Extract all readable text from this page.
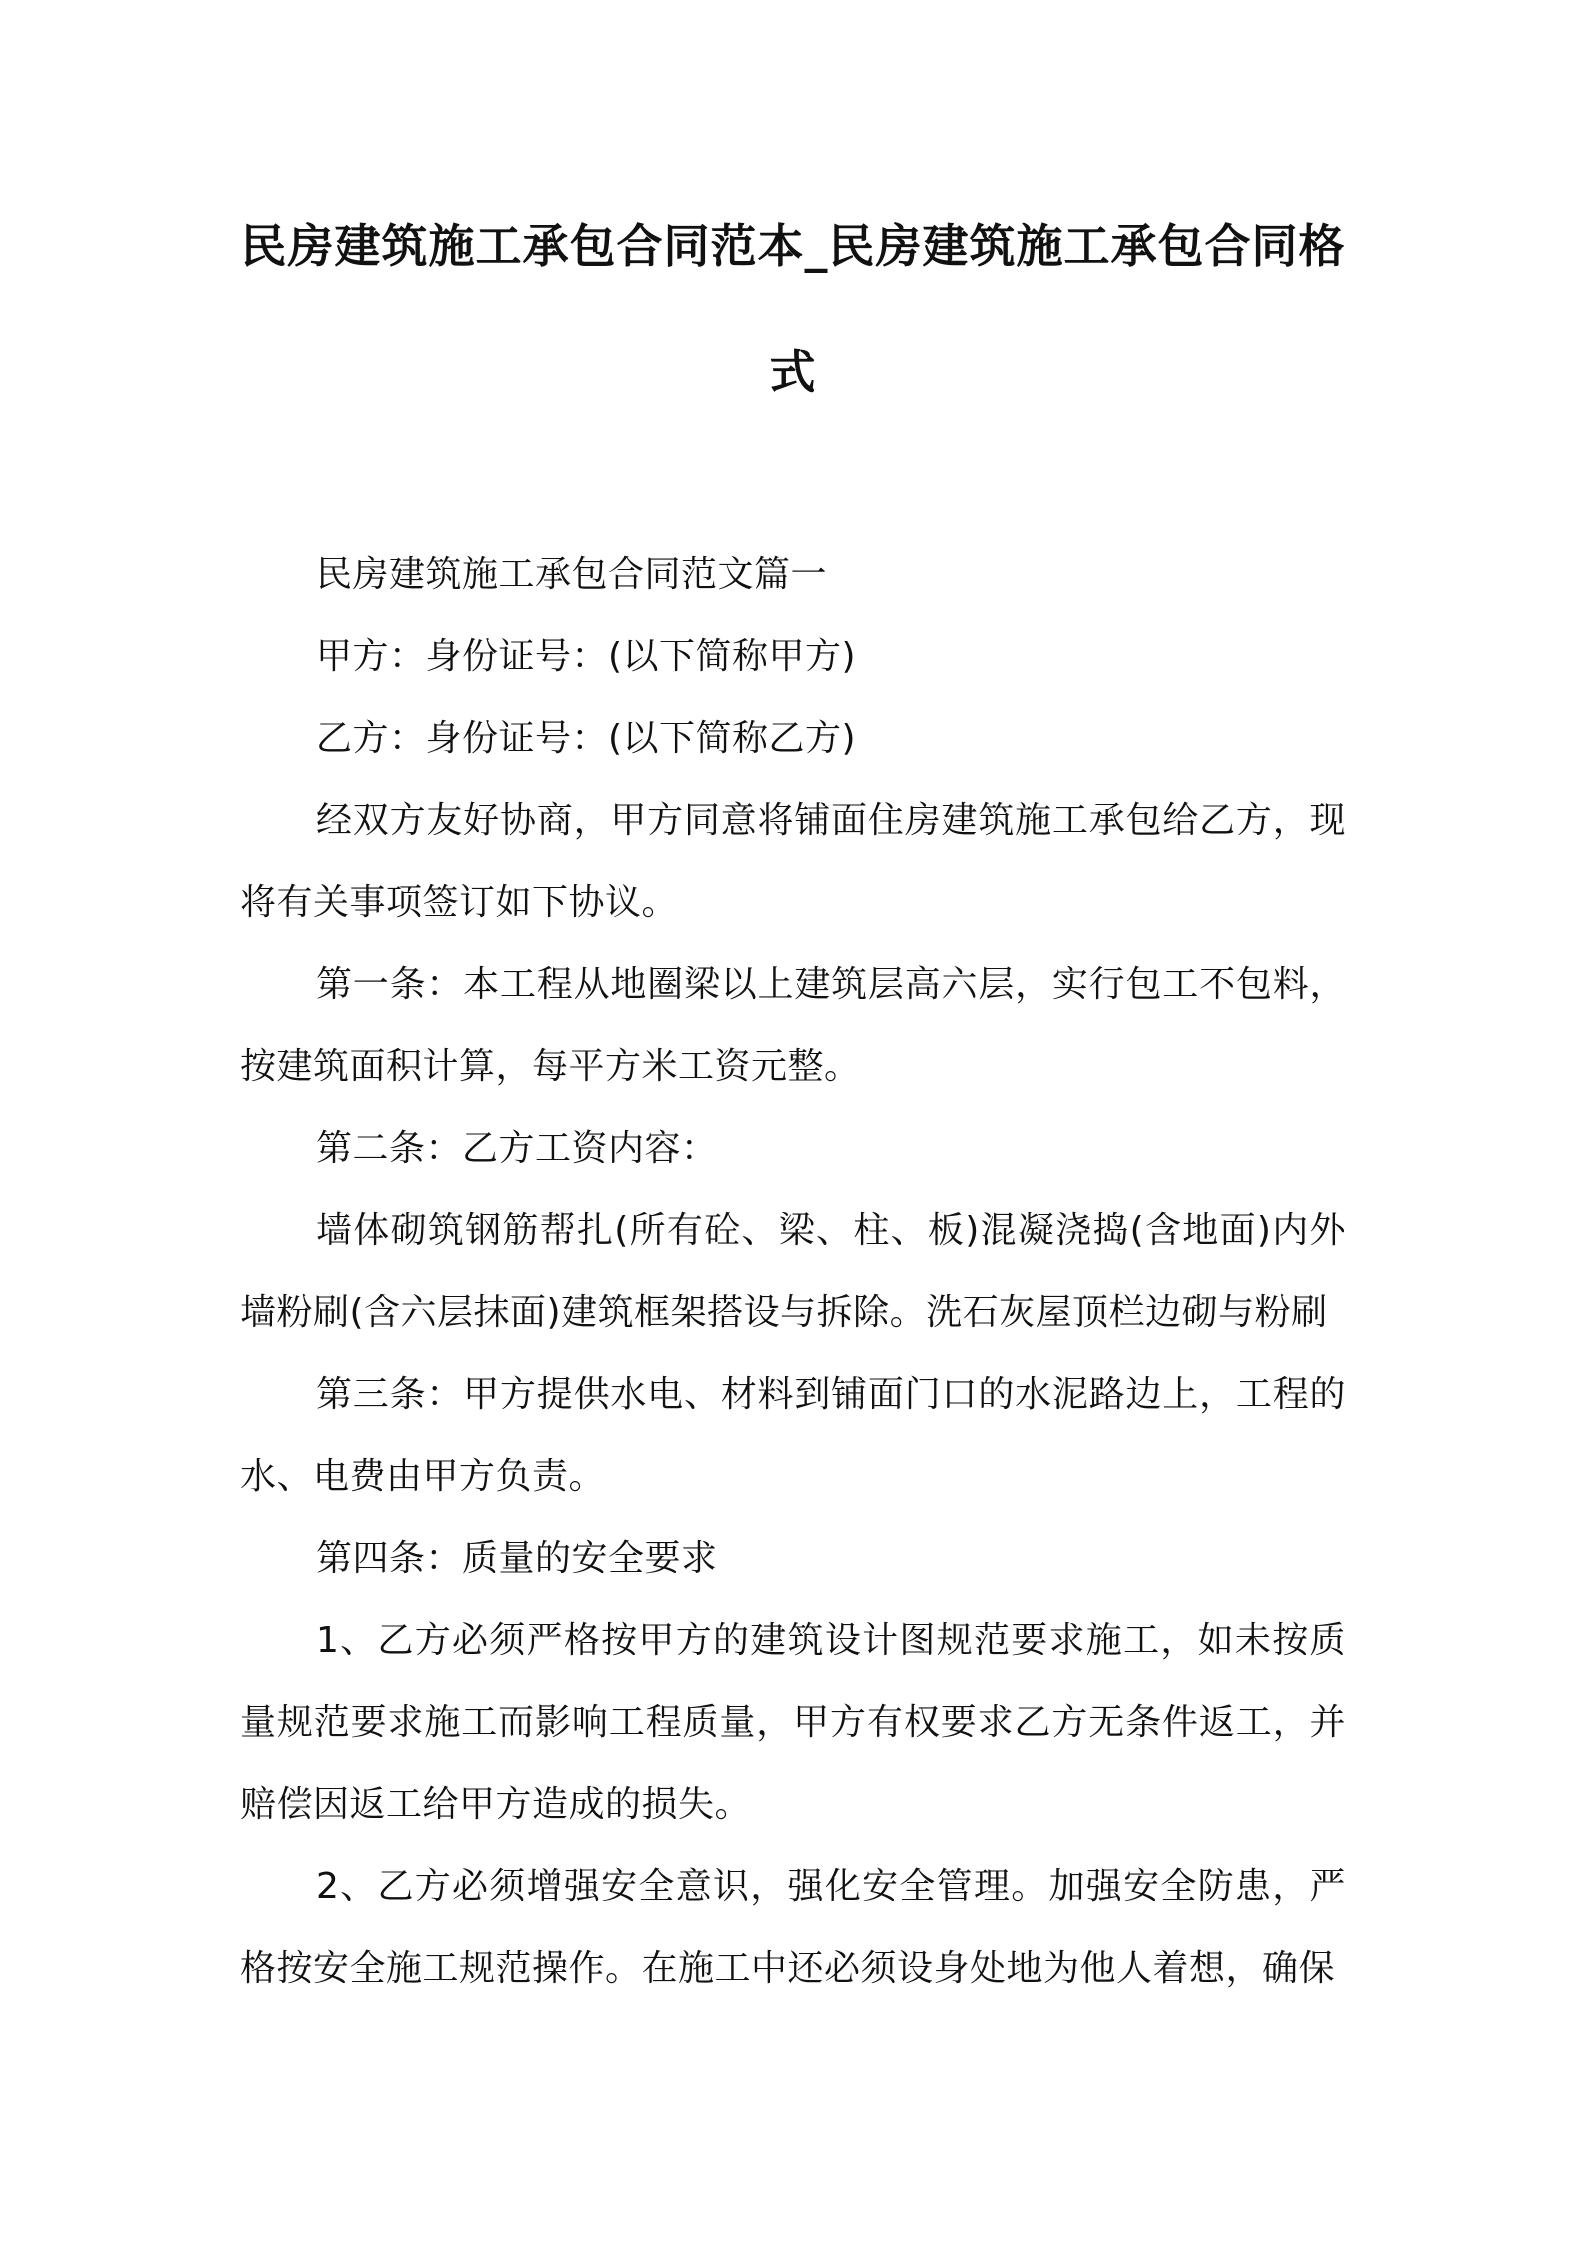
民房建筑施工承包合同范本_民房建筑施工承包合同格
式

民房建筑施工承包合同范文篇一

甲方：身份证号：(以下简称甲方)

乙方：身份证号：(以下简称乙方)

经双方友好协商，甲方同意将铺面住房建筑施工承包给乙方，现将有关事项签订如下协议。

第一条：本工程从地圈梁以上建筑层高六层，实行包工不包料，按建筑面积计算，每平方米工资元整。

第二条：乙方工资内容：

墙体砌筑钢筋帮扎(所有砼、梁、柱、板)混凝浇捣(含地面)内外墙粉刷(含六层抹面)建筑框架搭设与拆除。洗石灰屋顶栏边砌与粉刷

第三条：甲方提供水电、材料到铺面门口的水泥路边上，工程的水、电费由甲方负责。

第四条：质量的安全要求

1、乙方必须严格按甲方的建筑设计图规范要求施工，如未按质量规范要求施工而影响工程质量，甲方有权要求乙方无条件返工，并赔偿因返工给甲方造成的损失。

2、乙方必须增强安全意识，强化安全管理。加强安全防患，严格按安全施工规范操作。在施工中还必须设身处地为他人着想，确保
